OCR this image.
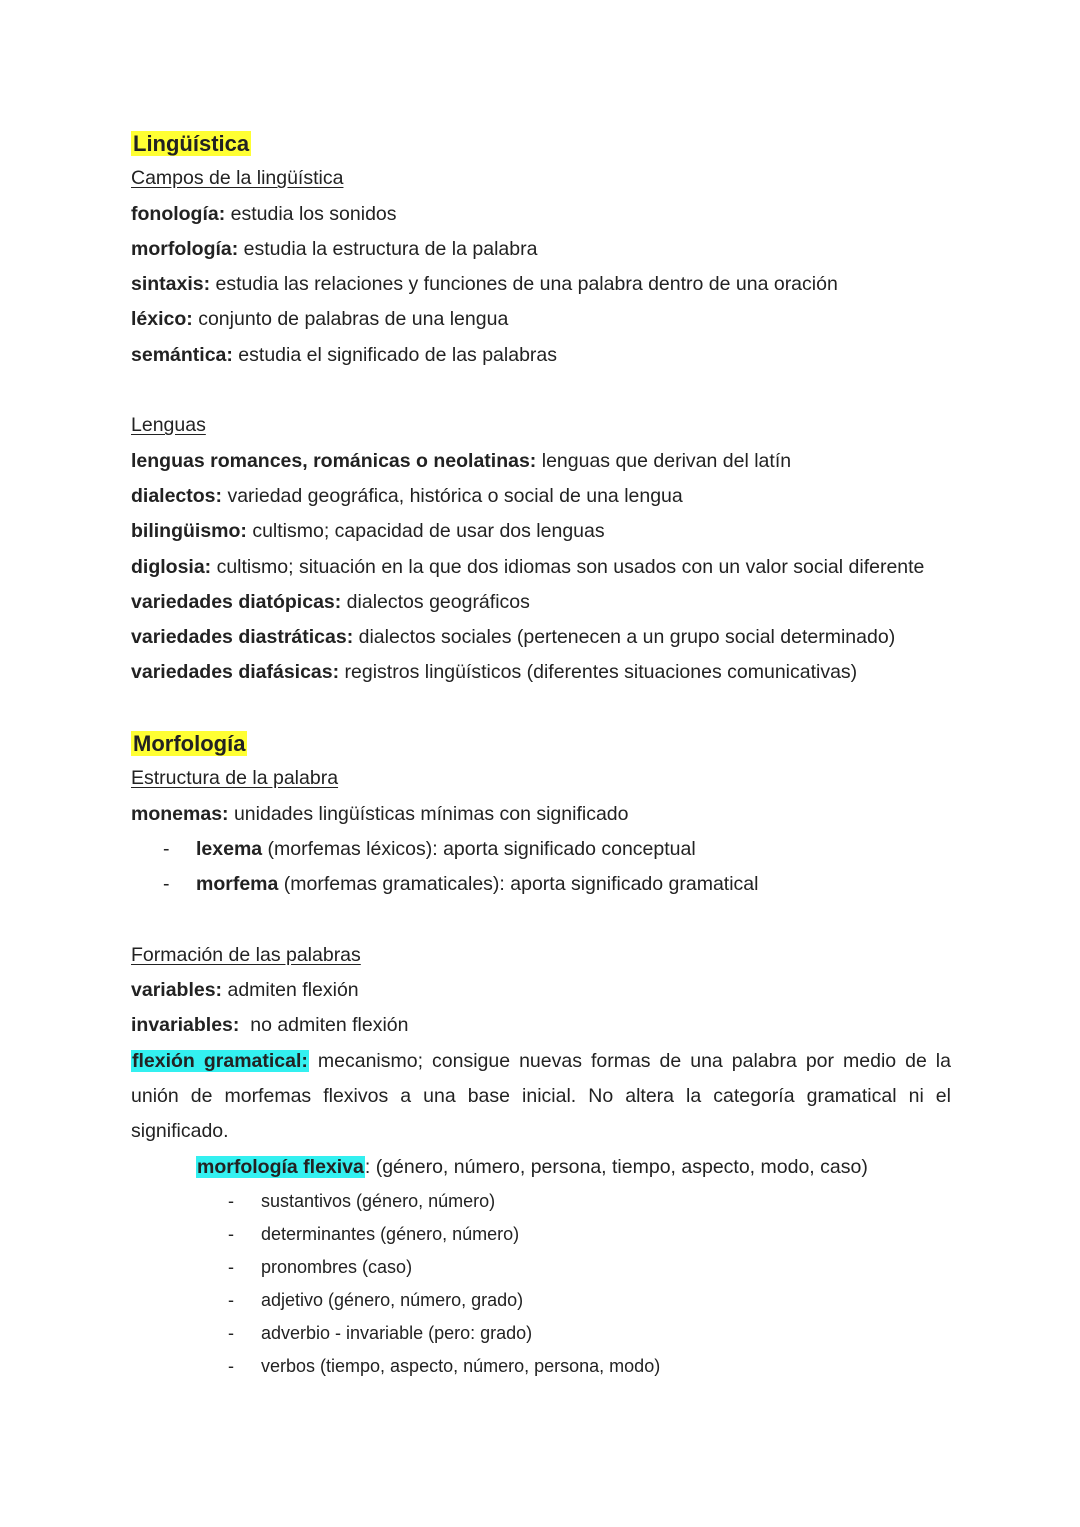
Lingüística
Campos de la lingüística
fonología: estudia los sonidos
morfología: estudia la estructura de la palabra
sintaxis: estudia las relaciones y funciones de una palabra dentro de una oración
léxico: conjunto de palabras de una lengua
semántica: estudia el significado de las palabras
Lenguas
lenguas romances, románicas o neolatinas: lenguas que derivan del latín
dialectos: variedad geográfica, histórica o social de una lengua
bilingüismo: cultismo; capacidad de usar dos lenguas
diglosia: cultismo; situación en la que dos idiomas son usados con un valor social diferente
variedades diatópicas: dialectos geográficos
variedades diastráticas: dialectos sociales (pertenecen a un grupo social determinado)
variedades diafásicas: registros lingüísticos (diferentes situaciones comunicativas)
Morfología
Estructura de la palabra
monemas: unidades lingüísticas mínimas con significado
- lexema (morfemas léxicos): aporta significado conceptual
- morfema (morfemas gramaticales): aporta significado gramatical
Formación de las palabras
variables: admiten flexión
invariables:  no admiten flexión
flexión gramatical: mecanismo; consigue nuevas formas de una palabra por medio de la unión de morfemas flexivos a una base inicial. No altera la categoría gramatical ni el significado.
morfología flexiva: (género, número, persona, tiempo, aspecto, modo, caso)
- sustantivos (género, número)
- determinantes (género, número)
- pronombres (caso)
- adjetivo (género, número, grado)
- adverbio - invariable (pero: grado)
- verbos (tiempo, aspecto, número, persona, modo)
